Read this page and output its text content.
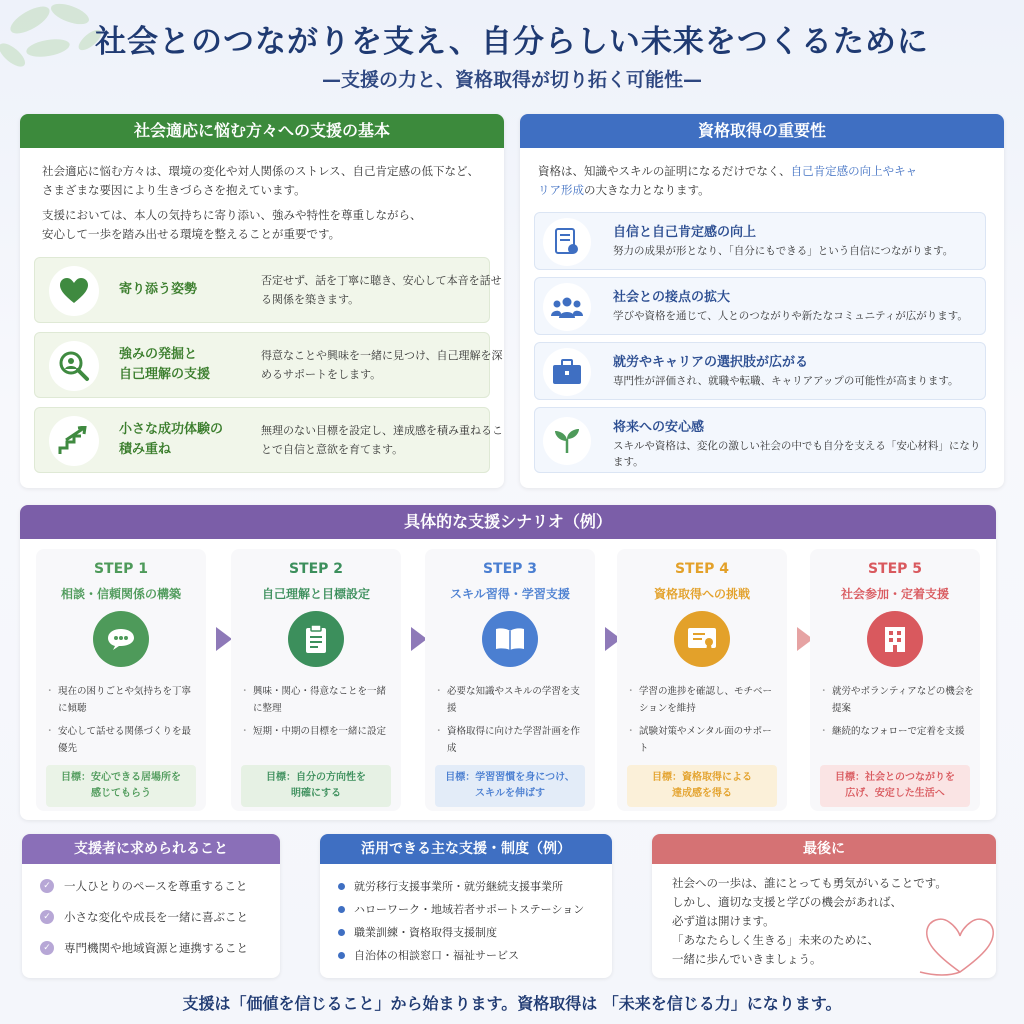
社会とのつながりを支え、自分らしい未来をつくるために
—支援の力と、資格取得が切り拓く可能性—
社会適応に悩む方々への支援の基本
社会適応に悩む方々は、環境の変化や対人関係のストレス、自己肯定感の低下など、
さまざまな要因により生きづらさを抱えています。
支援においては、本人の気持ちに寄り添い、強みや特性を尊重しながら、
安心して一歩を踏み出せる環境を整えることが重要です。
寄り添う姿勢
否定せず、話を丁寧に聴き、安心して本音を話せる関係を築きます。
強みの発掘と
自己理解の支援
得意なことや興味を一緒に見つけ、自己理解を深めるサポートをします。
小さな成功体験の
積み重ね
無理のない目標を設定し、達成感を積み重ねることで自信と意欲を育てます。
資格取得の重要性
資格は、知識やスキルの証明になるだけでなく、自己肯定感の向上やキャ
リア形成の大きな力となります。
自信と自己肯定感の向上
努力の成果が形となり、「自分にもできる」という自信につながります。
社会との接点の拡大
学びや資格を通じて、人とのつながりや新たなコミュニティが広がります。
就労やキャリアの選択肢が広がる
専門性が評価され、就職や転職、キャリアアップの可能性が高まります。
将来への安心感
スキルや資格は、変化の激しい社会の中でも自分を支える「安心材料」になります。
具体的な支援シナリオ（例）
STEP 1
相談・信頼関係の構築
・ 現在の困りごとや気持ちを丁寧に傾聴
・ 安心して話せる関係づくりを最優先
目標：安心できる居場所を
感じてもらう
STEP 2
自己理解と目標設定
・ 興味・関心・得意なことを一緒に整理
・ 短期・中期の目標を一緒に設定
目標：自分の方向性を
明確にする
STEP 3
スキル習得・学習支援
・ 必要な知識やスキルの学習を支援
・ 資格取得に向けた学習計画を作成
目標：学習習慣を身につけ、
スキルを伸ばす
STEP 4
資格取得への挑戦
・ 学習の進捗を確認し、モチベーションを維持
・ 試験対策やメンタル面のサポート
目標：資格取得による
達成感を得る
STEP 5
社会参加・定着支援
・ 就労やボランティアなどの機会を提案
・ 継続的なフォローで定着を支援
目標：社会とのつながりを
広げ、安定した生活へ
支援者に求められること
✓ 一人ひとりのペースを尊重すること
✓ 小さな変化や成長を一緒に喜ぶこと
✓ 専門機関や地域資源と連携すること
活用できる主な支援・制度（例）
就労移行支援事業所・就労継続支援事業所
ハローワーク・地域若者サポートステーション
職業訓練・資格取得支援制度
自治体の相談窓口・福祉サービス
最後に
社会への一歩は、誰にとっても勇気がいることです。
しかし、適切な支援と学びの機会があれば、
必ず道は開けます。
「あなたらしく生きる」未来のために、
一緒に歩んでいきましょう。
支援は「価値を信じること」から始まります。資格取得は 「未来を信じる力」になります。
